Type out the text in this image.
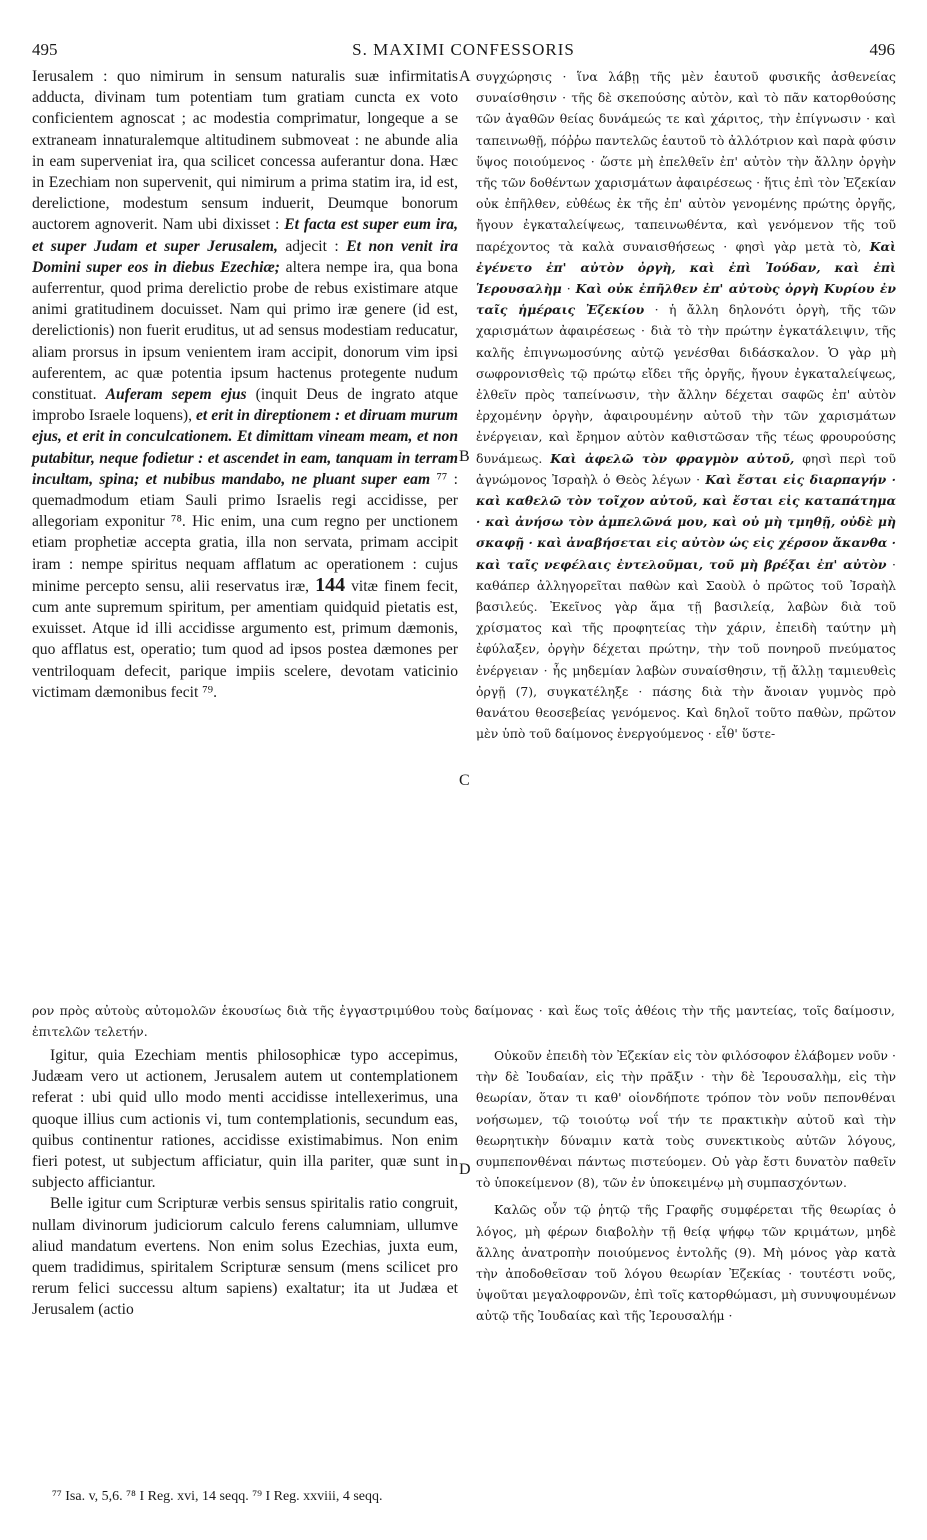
495	S. MAXIMI CONFESSORIS	496
A
B
C
D

Ierusalem : quo nimirum in sensum naturalis suæ infirmitatis adducta, divinam tum potentiam tum gratiam cuncta ex voto conficientem agnoscat ; ac modestia comprimatur, longeque a se extraneam innaturalemque altitudinem submoveat : ne abunde alia in eam superveniat ira, qua scilicet concessa auferantur dona. Hæc in Ezechiam non supervenit, qui nimirum a prima statim ira, id est, derelictione, modestum sensum induerit, Deumque bonorum auctorem agnoverit. Nam ubi dixisset : Et facta est super eum ira, et super Judam et super Jerusalem, adjecit : Et non venit ira Domini super eos in diebus Ezechiæ; altera nempe ira, qua bona auferrentur, quod prima derelictio probe de rebus existimare atque animi gratitudinem docuisset. Nam qui primo iræ genere (id est, derelictionis) non fuerit eruditus, ut ad sensus modestiam reducatur, aliam prorsus in ipsum venientem iram accipit, donorum vim ipsi auferentem, ac quæ potentia ipsum hactenus protegente nudum constituat. Auferam sepem ejus (inquit Deus de ingrato atque improbo Israele loquens), et erit in direptionem : et diruam murum ejus, et erit in conculcationem. Et dimittam vineam meam, et non putabitur, neque fodietur : et ascendet in eam, tanquam in terram incultam, spina; et nubibus mandabo, ne pluant super eam ⁷⁷ : quemadmodum etiam Sauli primo Israelis regi accidisse, per allegoriam exponitur ⁷⁸. Hic enim, una cum regno per unctionem etiam prophetiæ accepta gratia, illa non servata, primam accipit iram : nempe spiritus nequam afflatum ac operationem : cujus minime percepto sensu, alii reservatus iræ, 144 vitæ finem fecit, cum ante supremum spiritum, per amentiam quidquid pietatis est, exuisset. Atque id illi accidisse argumento est, primum dæmonis, quo afflatus est, operatio; tum quod ad ipsos postea dæmones per ventriloquam defecit, parique impiis scelere, devotam vaticinio victimam dæmonibus fecit ⁷⁹.

συγχώρησις · ἵνα λάβῃ τῆς μὲν ἑαυτοῦ φυσικῆς ἀσθενείας συναίσθησιν · τῆς δὲ σκεπούσης αὐτὸν, καὶ τὸ πᾶν κατορθούσης τῶν ἀγαθῶν θείας δυνάμεώς τε καὶ χάριτος, τὴν ἐπίγνωσιν · καὶ ταπεινωθῇ, πόῤῥω παντελῶς ἑαυτοῦ τὸ ἀλλότριον καὶ παρὰ φύσιν ὕψος ποιούμενος · ὥστε μὴ ἐπελθεῖν ἐπ' αὐτὸν τὴν ἄλλην ὀργὴν τῆς τῶν δοθέντων χαρισμάτων ἀφαιρέσεως · ἥτις ἐπὶ τὸν Ἐζεκίαν οὐκ ἐπῆλθεν, εὐθέως ἐκ τῆς ἐπ' αὐτὸν γενομένης πρώτης ὀργῆς, ἤγουν ἐγκαταλείψεως, ταπεινωθέντα, καὶ γενόμενον τῆς τοῦ παρέχοντος τὰ καλὰ συναισθήσεως · φησὶ γὰρ μετὰ τὸ, Καὶ ἐγένετο ἐπ' αὐτὸν ὀργὴ, καὶ ἐπὶ Ἰούδαν, καὶ ἐπὶ Ἱερουσαλὴμ · Καὶ οὐκ ἐπῆλθεν ἐπ' αὐτοὺς ὀργὴ Κυρίου ἐν ταῖς ἡμέραις Ἐζεκίου · ἡ ἄλλη δηλονότι ὀργὴ, τῆς τῶν χαρισμάτων ἀφαιρέσεως · διὰ τὸ τὴν πρώτην ἐγκατάλειψιν, τῆς καλῆς ἐπιγνωμοσύνης αὐτῷ γενέσθαι διδάσκαλον. Ὁ γὰρ μὴ σωφρονισθεὶς τῷ πρώτῳ εἴδει τῆς ὀργῆς, ἤγουν ἐγκαταλείψεως, ἐλθεῖν πρὸς ταπείνωσιν, τὴν ἄλλην δέχεται σαφῶς ἐπ' αὐτὸν ἐρχομένην ὀργὴν, ἀφαιρουμένην αὐτοῦ τὴν τῶν χαρισμάτων ἐνέργειαν, καὶ ἔρημον αὐτὸν καθιστῶσαν τῆς τέως φρουρούσης δυνάμεως. Καὶ ἀφελῶ τὸν φραγμὸν αὐτοῦ, φησὶ περὶ τοῦ ἀγνώμονος Ἰσραὴλ ὁ Θεὸς λέγων · Καὶ ἔσται εἰς διαρπαγήν · καὶ καθελῶ τὸν τοῖχον αὐτοῦ, καὶ ἔσται εἰς καταπάτημα · καὶ ἀνήσω τὸν ἀμπελῶνά μου, καὶ οὐ μὴ τμηθῇ, οὐδὲ μὴ σκαφῇ · καὶ ἀναβήσεται εἰς αὐτὸν ὡς εἰς χέρσον ἄκανθα · καὶ ταῖς νεφέλαις ἐντελοῦμαι, τοῦ μὴ βρέξαι ἐπ' αὐτὸν · καθάπερ ἀλληγορεῖται παθὼν καὶ Σαοὺλ ὁ πρῶτος τοῦ Ἰσραὴλ βασιλεύς. Ἐκεῖνος γὰρ ἅμα τῇ βασιλείᾳ, λαβὼν διὰ τοῦ χρίσματος καὶ τῆς προφητείας τὴν χάριν, ἐπειδὴ ταύτην μὴ ἐφύλαξεν, ὀργὴν δέχεται πρώτην, τὴν τοῦ πονηροῦ πνεύματος ἐνέργειαν · ἧς μηδεμίαν λαβὼν συναίσθησιν, τῇ ἄλλῃ ταμιευθεὶς ὀργῇ (7), συγκατέληξε · πάσης διὰ τὴν ἄνοιαν γυμνὸς πρὸ θανάτου θεοσεβείας γενόμενος. Καὶ δηλοῖ τοῦτο παθὼν, πρῶτον μὲν ὑπὸ τοῦ δαίμονος ἐνεργούμενος · εἶθ' ὕστε-

ρον πρὸς αὐτοὺς αὐτομολῶν ἑκουσίως διὰ τῆς ἐγγαστριμύθου τοὺς δαίμονας · καὶ ἕως τοῖς ἀθέοις τὴν τῆς μαντείας, τοῖς δαίμοσιν, ἐπιτελῶν τελετήν.

Igitur, quia Ezechiam mentis philosophicæ typo accepimus, Judæam vero ut actionem, Jerusalem autem ut contemplationem referat : ubi quid ullo modo menti accidisse intellexerimus, una quoque illius cum actionis vi, tum contemplationis, secundum eas, quibus continentur rationes, accidisse existimabimus. Non enim fieri potest, ut subjectum afficiatur, quin illa pariter, quæ sunt in subjecto afficiantur.

Belle igitur cum Scripturæ verbis sensus spiritalis ratio congruit, nullam divinorum judiciorum calculo ferens calumniam, ullumve aliud mandatum evertens. Non enim solus Ezechias, juxta eum, quem tradidimus, spiritalem Scripturæ sensum (mens scilicet pro rerum felici successu altum sapiens) exaltatur; ita ut Judæa et Jerusalem (actio

Οὐκοῦν ἐπειδὴ τὸν Ἐζεκίαν εἰς τὸν φιλόσοφον ἐλάβομεν νοῦν · τὴν δὲ Ἰουδαίαν, εἰς τὴν πρᾶξιν · τὴν δὲ Ἱερουσαλὴμ, εἰς τὴν θεωρίαν, ὅταν τι καθ' οἱονδήποτε τρόπον τὸν νοῦν πεπονθέναι νοήσωμεν, τῷ τοιούτῳ νοΐ τήν τε πρακτικὴν αὐτοῦ καὶ τὴν θεωρητικὴν δύναμιν κατὰ τοὺς συνεκτικοὺς αὐτῶν λόγους, συμπεπονθέναι πάντως πιστεύομεν. Οὐ γὰρ ἔστι δυνατὸν παθεῖν τὸ ὑποκείμενον (8), τῶν ἐν ὑποκειμένῳ μὴ συμπασχόντων.

Καλῶς οὖν τῷ ῥητῷ τῆς Γραφῆς συμφέρεται τῆς θεωρίας ὁ λόγος, μὴ φέρων διαβολὴν τῇ θείᾳ ψήφῳ τῶν κριμάτων, μηδὲ ἄλλης ἀνατροπὴν ποιούμενος ἐντολῆς (9). Μὴ μόνος γὰρ κατὰ τὴν ἀποδοθεῖσαν τοῦ λόγου θεωρίαν Ἐζεκίας · τουτέστι νοῦς, ὑψοῦται μεγαλοφρονῶν, ἐπὶ τοῖς κατορθώμασι, μὴ συνυψουμένων αὐτῷ τῆς Ἰουδαίας καὶ τῆς Ἱερουσαλήμ ·

⁷⁷ Isa. v, 5,6. ⁷⁸ I Reg. xvi, 14 seqq. ⁷⁹ I Reg. xxviii, 4 seqq.
